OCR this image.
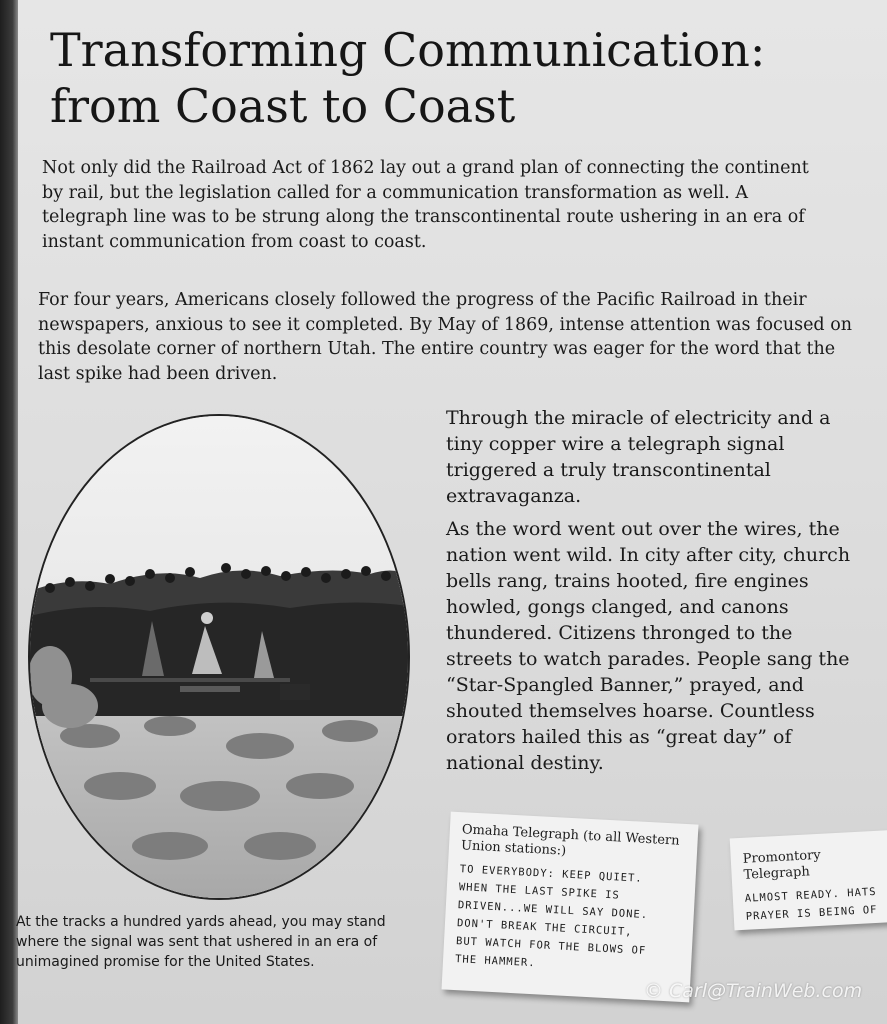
Transforming Communication:
from Coast to Coast

Not only did the Railroad Act of 1862 lay out a grand plan of connecting the continent by rail, but the legislation called for a communication transformation as well. A telegraph line was to be strung along the transcontinental route ushering in an era of instant communication from coast to coast.

For four years, Americans closely followed the progress of the Pacific Railroad in their newspapers, anxious to see it completed. By May of 1869, intense attention was focused on this desolate corner of northern Utah. The entire country was eager for the word that the last spike had been driven.

Through the miracle of electricity and a tiny copper wire a telegraph signal triggered a truly transcontinental extravaganza.

As the word went out over the wires, the nation went wild. In city after city, church bells rang, trains hooted, fire engines howled, gongs clanged, and canons thundered. Citizens thronged to the streets to watch parades. People sang the “Star-Spangled Banner,” prayed, and shouted themselves hoarse. Countless orators hailed this as “great day” of national destiny.

At the tracks a hundred yards ahead, you may stand where the signal was sent that ushered in an era of unimagined promise for the United States.
Omaha Telegraph (to all Western Union stations:)
TO EVERYBODY: KEEP QUIET.
WHEN THE LAST SPIKE IS
DRIVEN...WE WILL SAY DONE.
DON'T BREAK THE CIRCUIT,
BUT WATCH FOR THE BLOWS OF
THE HAMMER.
Promontory Telegraph
ALMOST READY. HATS
PRAYER IS BEING OF
© Carl@TrainWeb.com
